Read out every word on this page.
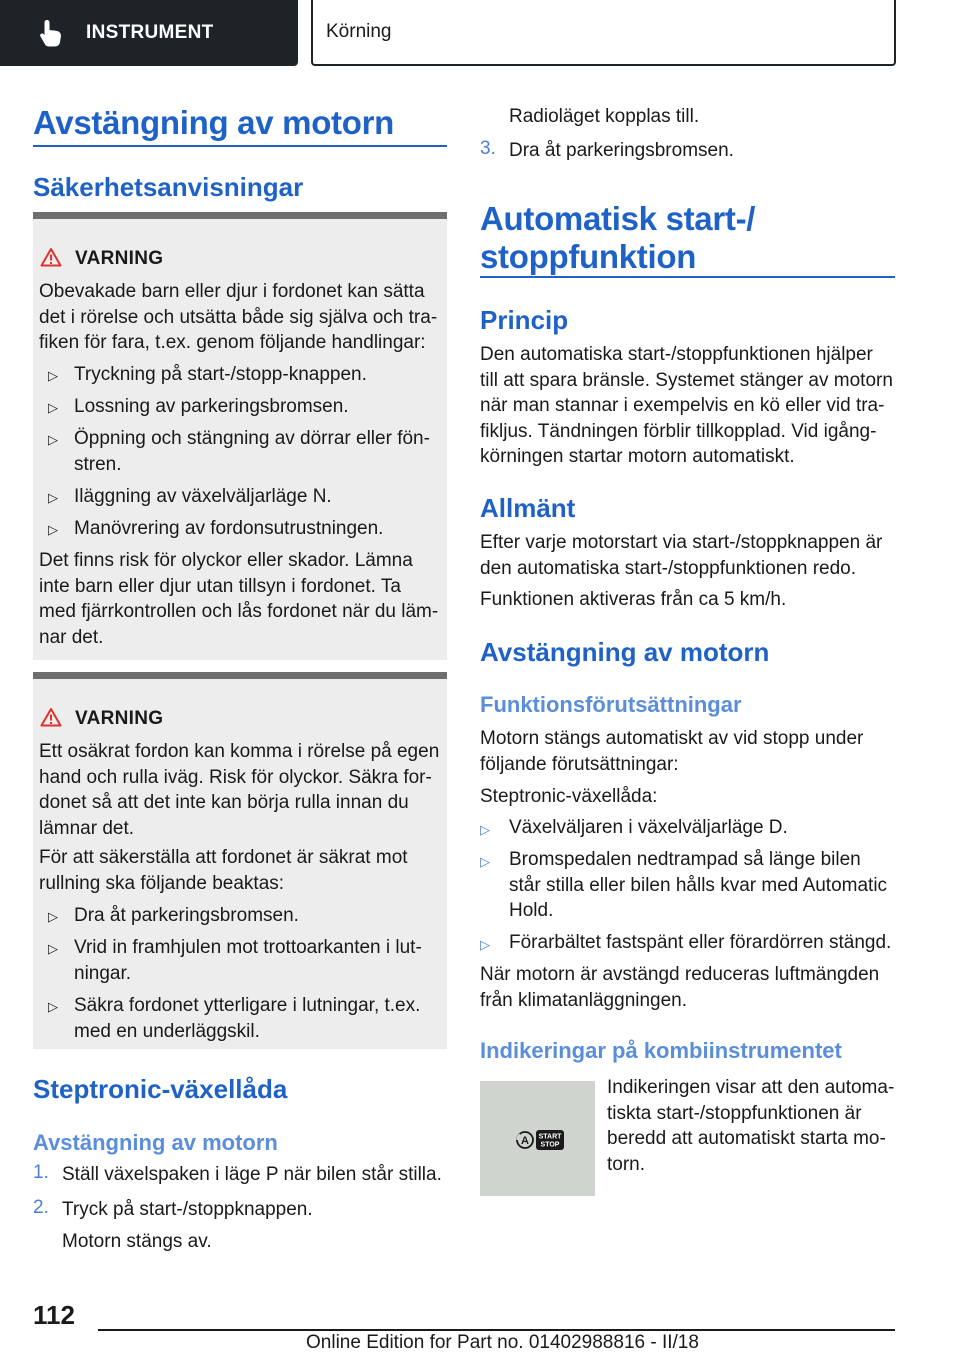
INSTRUMENT	Körning
Avstängning av motorn
Säkerhetsanvisningar
VARNING
Obevakade barn eller djur i fordonet kan sätta
det i rörelse och utsätta både sig själva och tra-
fiken för fara, t.ex. genom följande handlingar:
▷ Tryckning på start-/stopp-knappen.
▷ Lossning av parkeringsbromsen.
▷ Öppning och stängning av dörrar eller fön-
stren.
▷ Iläggning av växelväljarläge N.
▷ Manövrering av fordonsutrustningen.
Det finns risk för olyckor eller skador. Lämna
inte barn eller djur utan tillsyn i fordonet. Ta
med fjärrkontrollen och lås fordonet när du läm-
nar det.
VARNING
Ett osäkrat fordon kan komma i rörelse på egen
hand och rulla iväg. Risk för olyckor. Säkra for-
donet så att det inte kan börja rulla innan du
lämnar det.
För att säkerställa att fordonet är säkrat mot
rullning ska följande beaktas:
▷ Dra åt parkeringsbromsen.
▷ Vrid in framhjulen mot trottoarkanten i lut-
ningar.
▷ Säkra fordonet ytterligare i lutningar, t.ex.
med en underläggskil.
Steptronic-växellåda
Avstängning av motorn
1. Ställ växelspaken i läge P när bilen står stilla.
2. Tryck på start-/stoppknappen.
Motorn stängs av.
Radioläget kopplas till.
3. Dra åt parkeringsbromsen.
Automatisk start-/
stoppfunktion
Princip
Den automatiska start-/stoppfunktionen hjälper
till att spara bränsle. Systemet stänger av motorn
när man stannar i exempelvis en kö eller vid tra-
fikljus. Tändningen förblir tillkopplad. Vid igång-
körningen startar motorn automatiskt.
Allmänt
Efter varje motorstart via start-/stoppknappen är
den automatiska start-/stoppfunktionen redo.
Funktionen aktiveras från ca 5 km/h.
Avstängning av motorn
Funktionsförutsättningar
Motorn stängs automatiskt av vid stopp under
följande förutsättningar:
Steptronic-växellåda:
▷ Växelväljaren i växelväljarläge D.
▷ Bromspedalen nedtrampad så länge bilen
står stilla eller bilen hålls kvar med Automatic
Hold.
▷ Förarbältet fastspänt eller förardörren stängd.
När motorn är avstängd reduceras luftmängden
från klimatanläggningen.
Indikeringar på kombiinstrumentet
A START
STOP
Indikeringen visar att den automa-
tiskta start-/stoppfunktionen är
beredd att automatiskt starta mo-
torn.
112
Online Edition for Part no. 01402988816 - II/18
